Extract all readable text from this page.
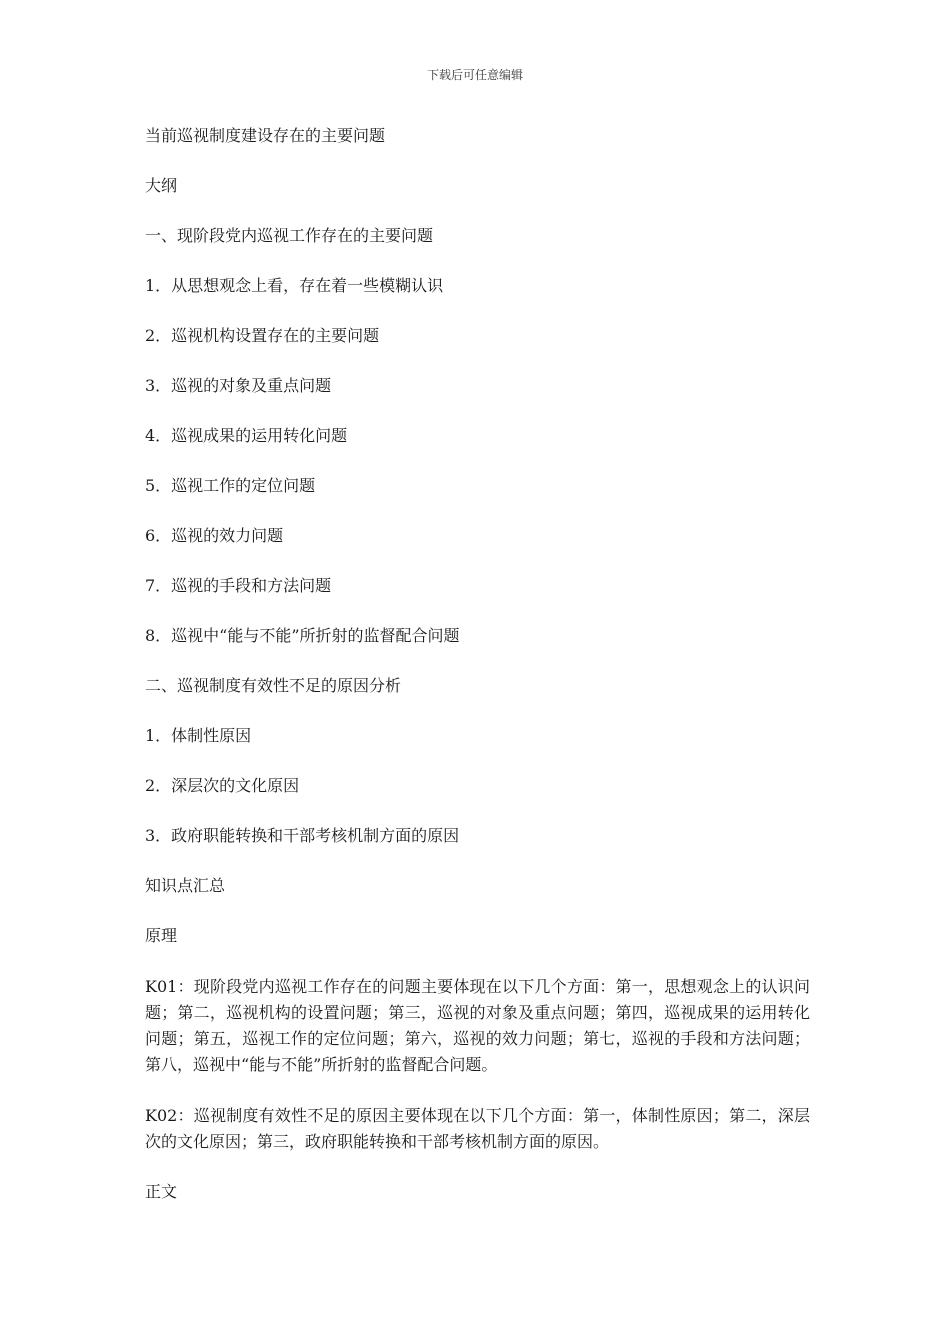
下载后可任意编辑
当前巡视制度建设存在的主要问题
大纲
一、现阶段党内巡视工作存在的主要问题
1．从思想观念上看，存在着一些模糊认识
2．巡视机构设置存在的主要问题
3．巡视的对象及重点问题
4．巡视成果的运用转化问题
5．巡视工作的定位问题
6．巡视的效力问题
7．巡视的手段和方法问题
8．巡视中“能与不能”所折射的监督配合问题
二、巡视制度有效性不足的原因分析
1．体制性原因
2．深层次的文化原因
3．政府职能转换和干部考核机制方面的原因
知识点汇总
原理
K01：现阶段党内巡视工作存在的问题主要体现在以下几个方面：第一，思想观念上的认识问题；第二，巡视机构的设置问题；第三，巡视的对象及重点问题；第四，巡视成果的运用转化问题；第五，巡视工作的定位问题；第六，巡视的效力问题；第七，巡视的手段和方法问题；第八，巡视中“能与不能”所折射的监督配合问题。
K02：巡视制度有效性不足的原因主要体现在以下几个方面：第一，体制性原因；第二，深层次的文化原因；第三，政府职能转换和干部考核机制方面的原因。
正文
